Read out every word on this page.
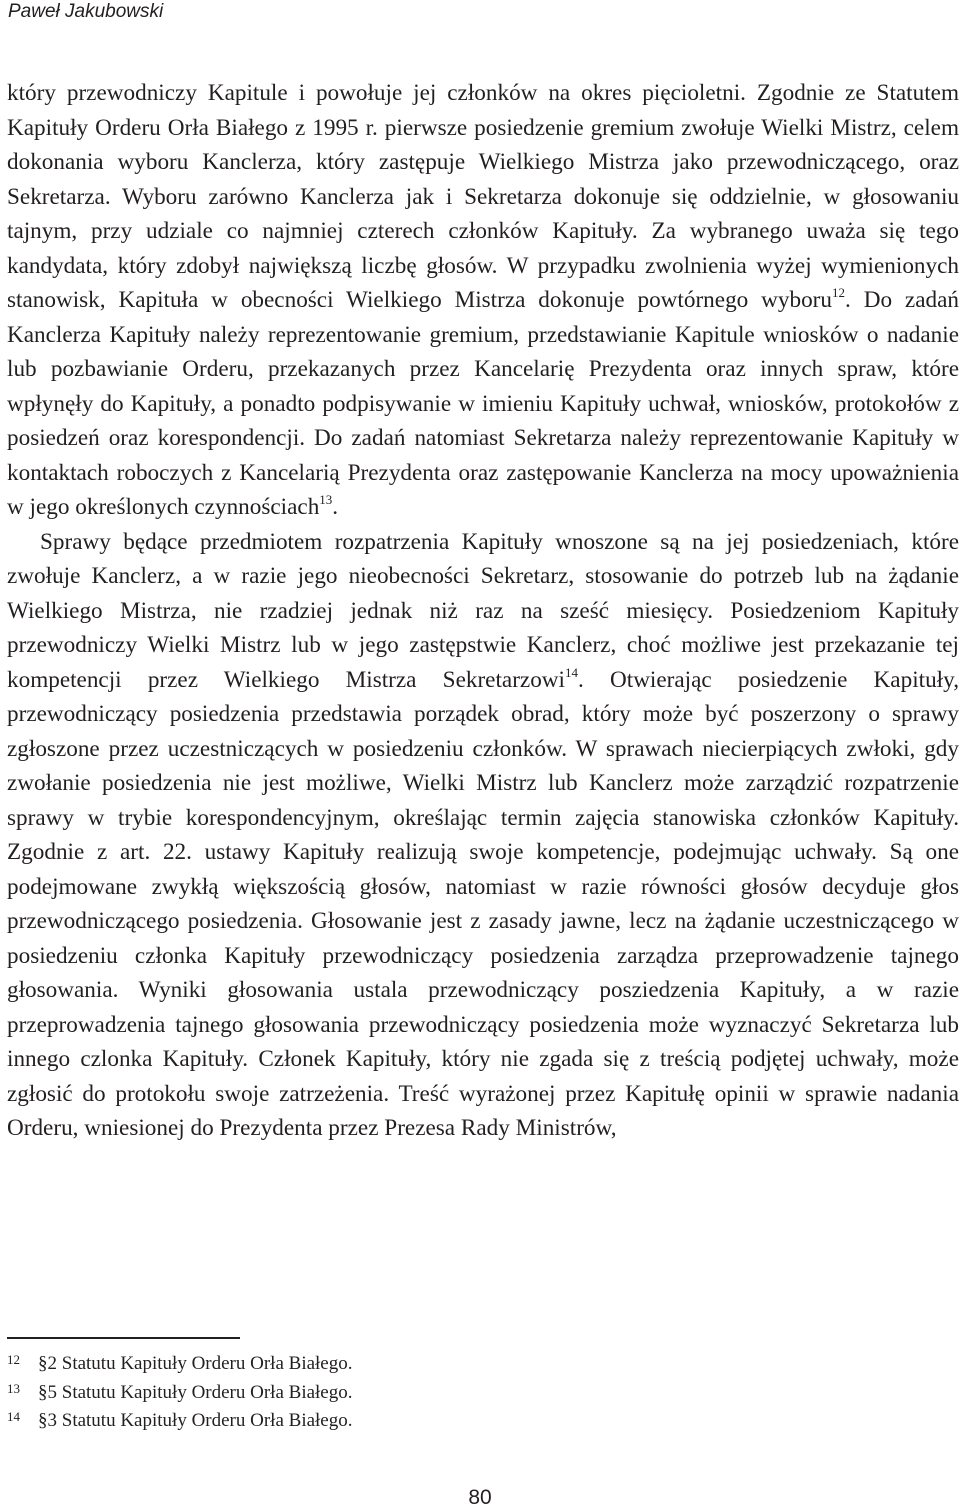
Paweł Jakubowski

który przewodniczy Kapitule i powołuje jej członków na okres pięcioletni. Zgodnie ze Statutem Kapituły Orderu Orła Białego z 1995 r. pierwsze posiedzenie gremium zwołuje Wielki Mistrz, celem dokonania wyboru Kanclerza, który zastępuje Wielkiego Mistrza jako przewodniczącego, oraz Sekretarza. Wyboru zarówno Kanclerza jak i Sekretarza dokonuje się oddzielnie, w głosowaniu tajnym, przy udziale co najmniej czterech członków Kapituły. Za wybranego uważa się tego kandydata, który zdobył największą liczbę głosów. W przypadku zwolnienia wyżej wymienionych stanowisk, Kapituła w obecności Wielkiego Mistrza dokonuje powtórnego wyboru$^{12}$. Do zadań Kanclerza Kapituły należy reprezentowanie gremium, przedstawianie Kapitule wniosków o nadanie lub pozbawianie Orderu, przekazanych przez Kancelarię Prezydenta oraz innych spraw, które wpłynęły do Kapituły, a ponadto podpisywanie w imieniu Kapituły uchwał, wniosków, protokołów z posiedzeń oraz korespondencji. Do zadań natomiast Sekretarza należy reprezentowanie Kapituły w kontaktach roboczych z Kancelarią Prezydenta oraz zastępowanie Kanclerza na mocy upoważnienia w jego określonych czynnościach$^{13}$.

Sprawy będące przedmiotem rozpatrzenia Kapituły wnoszone są na jej posiedzeniach, które zwołuje Kanclerz, a w razie jego nieobecności Sekretarz, stosowanie do potrzeb lub na żądanie Wielkiego Mistrza, nie rzadziej jednak niż raz na sześć miesięcy. Posiedzeniom Kapituły przewodniczy Wielki Mistrz lub w jego zastępstwie Kanclerz, choć możliwe jest przekazanie tej kompetencji przez Wielkiego Mistrza Sekretarzowi$^{14}$. Otwierając posiedzenie Kapituły, przewodniczący posiedzenia przedstawia porządek obrad, który może być poszerzony o sprawy zgłoszone przez uczestniczących w posiedzeniu członków. W sprawach niecierpiących zwłoki, gdy zwołanie posiedzenia nie jest możliwe, Wielki Mistrz lub Kanclerz może zarządzić rozpatrzenie sprawy w trybie korespondencyjnym, określając termin zajęcia stanowiska członków Kapituły. Zgodnie z art. 22. ustawy Kapituły realizują swoje kompetencje, podejmując uchwały. Są one podejmowane zwykłą większością głosów, natomiast w razie równości głosów decyduje głos przewodniczącego posiedzenia. Głosowanie jest z zasady jawne, lecz na żądanie uczestniczącego w posiedzeniu członka Kapituły przewodniczący posiedzenia zarządza przeprowadzenie tajnego głosowania. Wyniki głosowania ustala przewodniczący posziedzenia Kapituły, a w razie przeprowadzenia tajnego głosowania przewodniczący posiedzenia może wyznaczyć Sekretarza lub innego czlonka Kapituły. Członek Kapituły, który nie zgada się z treścią podjętej uchwały, może zgłosić do protokołu swoje zatrzeżenia. Treść wyrażonej przez Kapitułę opinii w sprawie nadania Orderu, wniesionej do Prezydenta przez Prezesa Rady Ministrów,

12 §2 Statutu Kapituły Orderu Orła Białego.
13 §5 Statutu Kapituły Orderu Orła Białego.
14 §3 Statutu Kapituły Orderu Orła Białego.
80
